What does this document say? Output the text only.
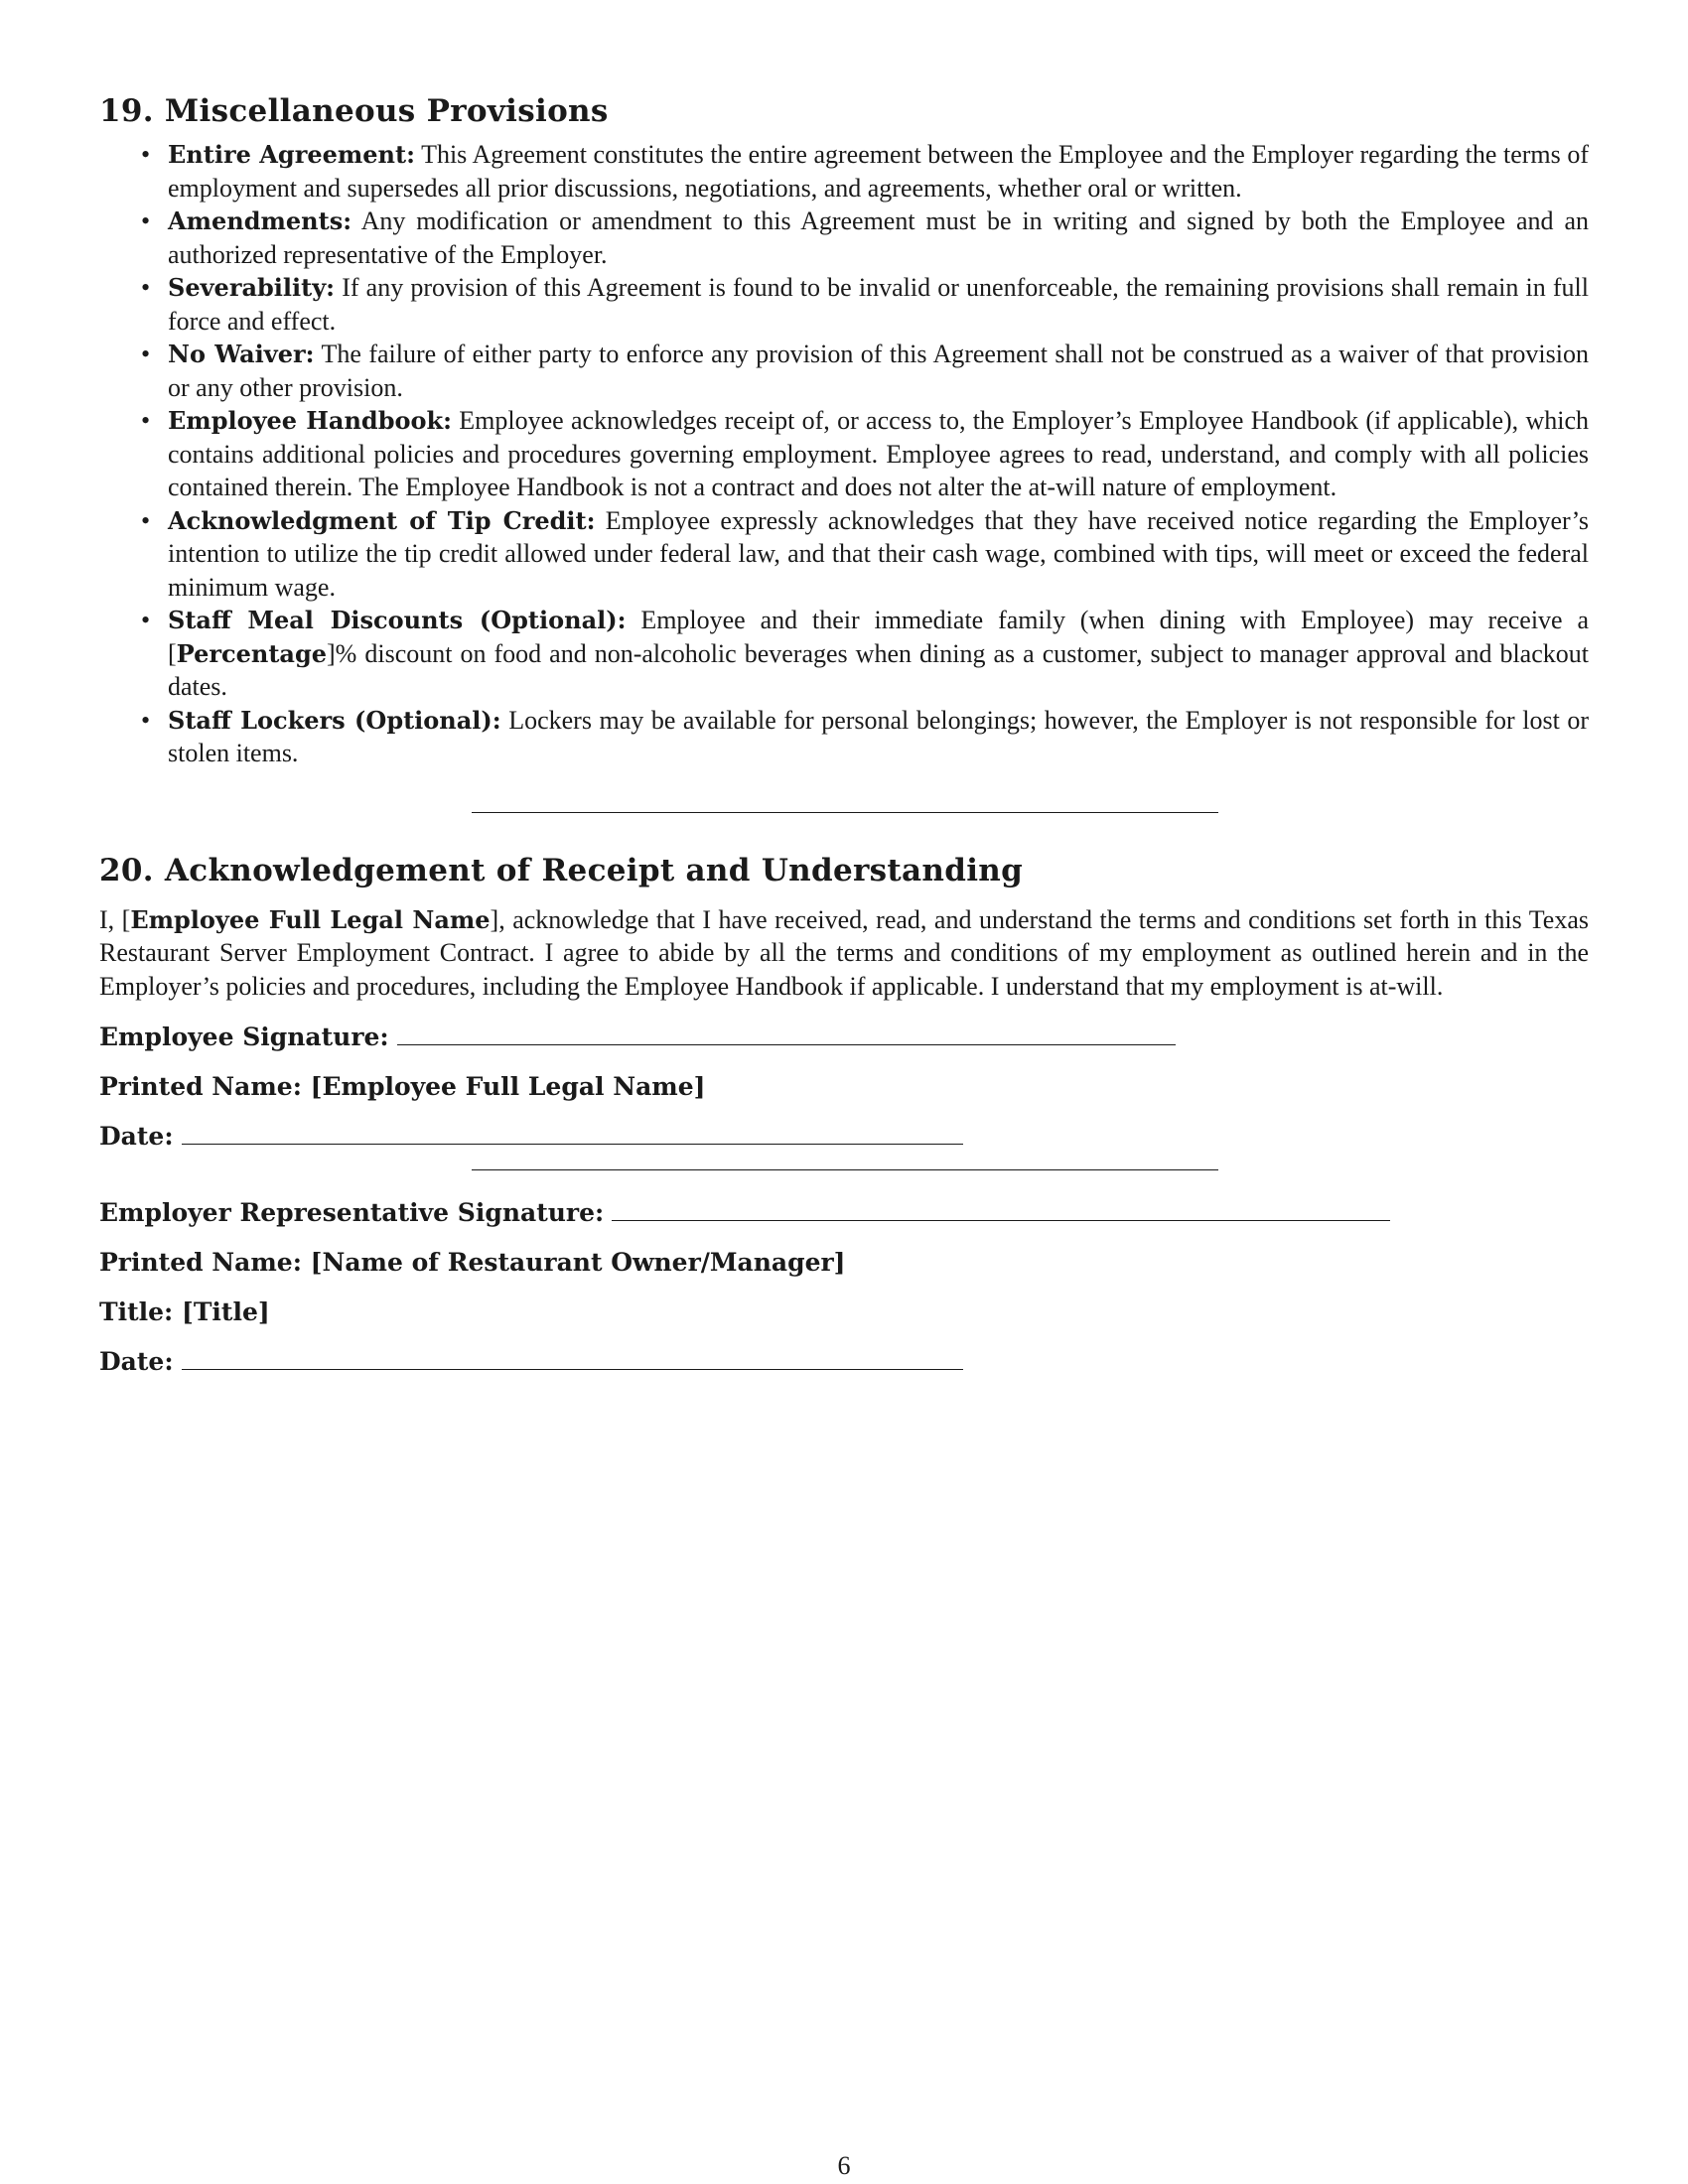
19. Miscellaneous Provisions
• Entire Agreement: This Agreement constitutes the entire agreement between the Employee and the Employer regarding the terms of employment and supersedes all prior discussions, negotiations, and agreements, whether oral or written.
• Amendments: Any modification or amendment to this Agreement must be in writing and signed by both the Employee and an authorized representative of the Employer.
• Severability: If any provision of this Agreement is found to be invalid or unenforceable, the remaining provisions shall remain in full force and effect.
• No Waiver: The failure of either party to enforce any provision of this Agreement shall not be construed as a waiver of that provision or any other provision.
• Employee Handbook: Employee acknowledges receipt of, or access to, the Employer’s Employee Handbook (if applicable), which contains additional policies and procedures governing employment. Employee agrees to read, understand, and comply with all policies contained therein. The Employee Handbook is not a contract and does not alter the at-will nature of employment.
• Acknowledgment of Tip Credit: Employee expressly acknowledges that they have received notice regarding the Employer’s intention to utilize the tip credit allowed under federal law, and that their cash wage, combined with tips, will meet or exceed the federal minimum wage.
• Staff Meal Discounts (Optional): Employee and their immediate family (when dining with Employee) may receive a [Percentage]% discount on food and non-alcoholic beverages when dining as a customer, subject to manager approval and blackout dates.
• Staff Lockers (Optional): Lockers may be available for personal belongings; however, the Employer is not responsible for lost or stolen items.
20. Acknowledgement of Receipt and Understanding

I, [Employee Full Legal Name], acknowledge that I have received, read, and understand the terms and conditions set forth in this Texas Restaurant Server Employment Contract. I agree to abide by all the terms and conditions of my employment as outlined herein and in the Employer’s policies and procedures, including the Employee Handbook if applicable. I understand that my employment is at-will.

Employee Signature:
Printed Name: [Employee Full Legal Name]
Date:
Employer Representative Signature:
Printed Name: [Name of Restaurant Owner/Manager]
Title: [Title]
Date:
6
